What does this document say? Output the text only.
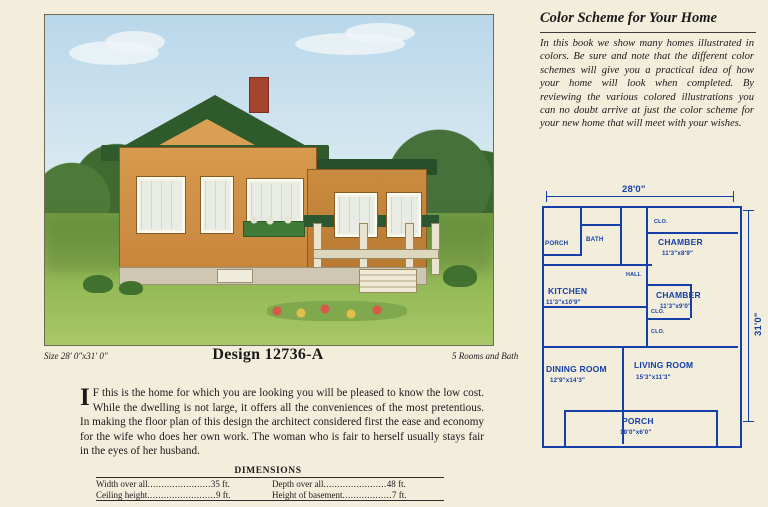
Size 28' 0"x31' 0"	Design 12736-A	5 Rooms and Bath
I F this is the home for which you are looking you will be pleased to know the low cost. While the dwelling is not large, it offers all the conveniences of the most pretentious. In making the floor plan of this design the architect considered first the ease and economy for the wife who does her own work. The woman who is fair to herself usually stays fair in the eyes of her husband.
DIMENSIONS
Width over all.......................35 ft.
Ceiling height.........................9 ft.
Depth over all.......................48 ft.
Height of basement..................7 ft.
Color Scheme for Your Home
In this book we show many homes illustrated in colors. Be sure and note that the different color schemes will give you a practical idea of how your home will look when completed. By reviewing the various colored illustrations you can no doubt arrive at just the color scheme for your new home that will meet with your wishes.
28'0"
31'0"
PORCH
BATH
CLO.
CHAMBER
11'3"x8'9"
HALL
KITCHEN
11'3"x10'9"
CHAMBER
11'3"x9'0"
CLO.
CLO.
DINING ROOM
12'9"x14'3"
LIVING ROOM
15'3"x11'3"
PORCH
18'0"x6'0"
